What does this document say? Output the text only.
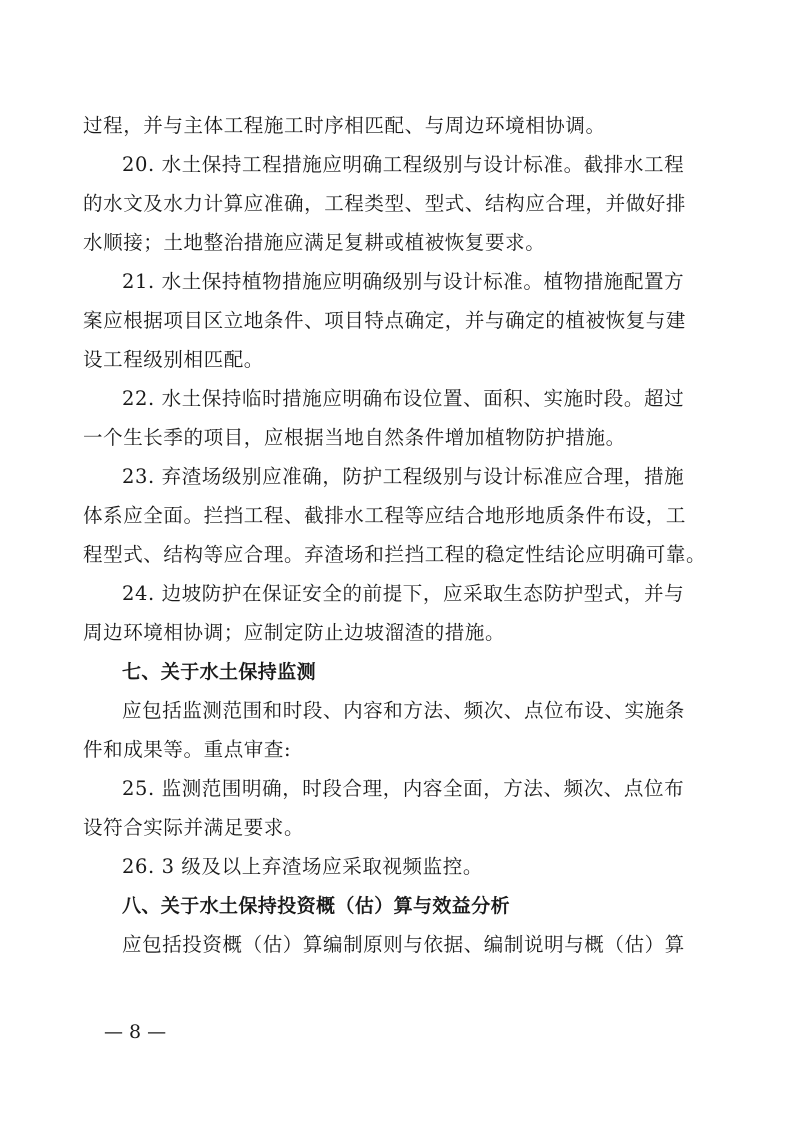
过程，并与主体工程施工时序相匹配、与周边环境相协调。
20. 水土保持工程措施应明确工程级别与设计标准。截排水工程
的水文及水力计算应准确，工程类型、型式、结构应合理，并做好排
水顺接；土地整治措施应满足复耕或植被恢复要求。
21. 水土保持植物措施应明确级别与设计标准。植物措施配置方
案应根据项目区立地条件、项目特点确定，并与确定的植被恢复与建
设工程级别相匹配。
22. 水土保持临时措施应明确布设位置、面积、实施时段。超过
一个生长季的项目，应根据当地自然条件增加植物防护措施。
23. 弃渣场级别应准确，防护工程级别与设计标准应合理，措施
体系应全面。拦挡工程、截排水工程等应结合地形地质条件布设，工
程型式、结构等应合理。弃渣场和拦挡工程的稳定性结论应明确可靠。
24. 边坡防护在保证安全的前提下，应采取生态防护型式，并与
周边环境相协调；应制定防止边坡溜渣的措施。
七、关于水土保持监测
应包括监测范围和时段、内容和方法、频次、点位布设、实施条
件和成果等。重点审查:
25. 监测范围明确，时段合理，内容全面，方法、频次、点位布
设符合实际并满足要求。
26. 3 级及以上弃渣场应采取视频监控。
八、关于水土保持投资概（估）算与效益分析
应包括投资概（估）算编制原则与依据、编制说明与概（估）算
— 8 —
